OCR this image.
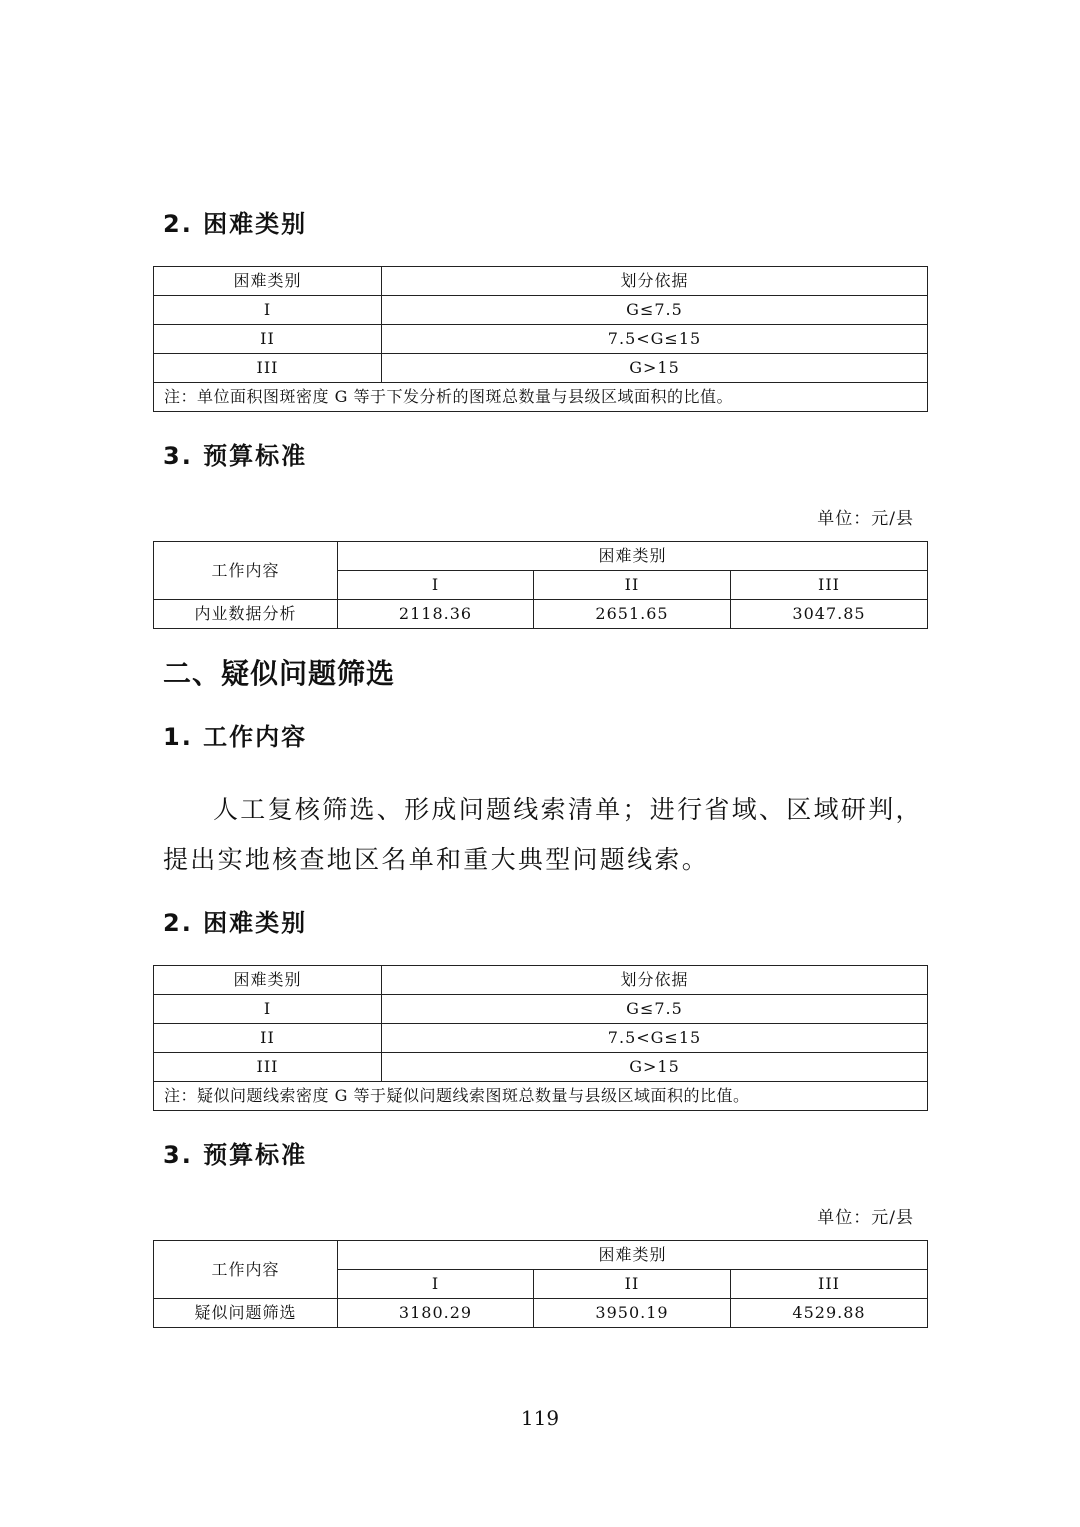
2. 困难类别
困难类别	划分依据
I	G≤7.5
II	7.5<G≤15
III	G>15
注：单位面积图斑密度 G 等于下发分析的图斑总数量与县级区域面积的比值。	
3. 预算标准
单位：元/县
工作内容	困难类别		
	I	II	III
内业数据分析	2118.36	2651.65	3047.85
二、疑似问题筛选
1. 工作内容

人工复核筛选、形成问题线索清单；进行省域、区域研判，提出实地核查地区名单和重大典型问题线索。

2. 困难类别
困难类别	划分依据
I	G≤7.5
II	7.5<G≤15
III	G>15
注：疑似问题线索密度 G 等于疑似问题线索图斑总数量与县级区域面积的比值。	
3. 预算标准
单位：元/县
工作内容	困难类别		
	I	II	III
疑似问题筛选	3180.29	3950.19	4529.88
119
